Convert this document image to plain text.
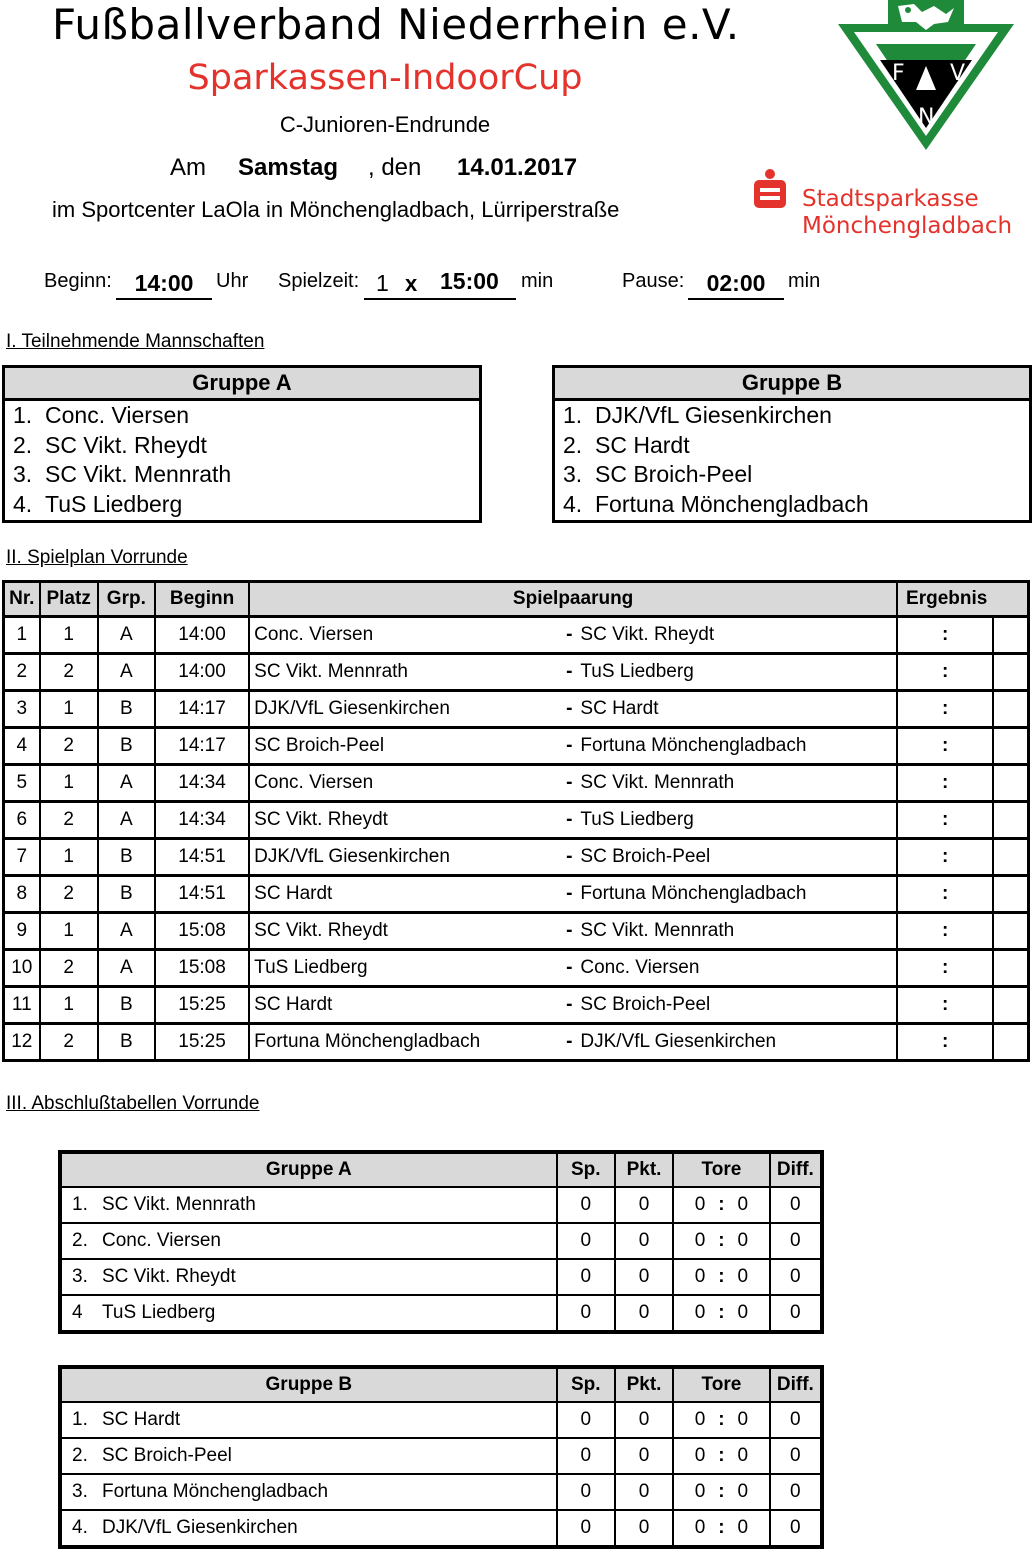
Fußballverband Niederrhein e.V.
Sparkassen-IndoorCup
C-Junioren-Endrunde
Am Samstag , den 14.01.2017
im Sportcenter LaOla in Mönchengladbach, Lürriperstraße
F V
N
Stadtsparkasse
Mönchengladbach
Beginn: 14:00	Uhr Spielzeit: 1 x 15:00 min	Pause: 02:00	min
I. Teilnehmende Mannschaften
Gruppe A
1. Conc. Viersen
2. SC Vikt. Rheydt
3. SC Vikt. Mennrath
4. TuS Liedberg
Gruppe B
1. DJK/VfL Giesenkirchen
2. SC Hardt
3. SC Broich-Peel
4. Fortuna Mönchengladbach
II. Spielplan Vorrunde
Nr.	Platz	Grp.	Beginn	Spielpaarung		Ergebnis	
1	1	A	14:00	Conc. Viersen	- SC Vikt. Rheydt	:	
2	2	A	14:00	SC Vikt. Mennrath	- TuS Liedberg	:	
3	1	B	14:17	DJK/VfL Giesenkirchen	- SC Hardt	:	
4	2	B	14:17	SC Broich-Peel	- Fortuna Mönchengladbach	:	
5	1	A	14:34	Conc. Viersen	- SC Vikt. Mennrath	:	
6	2	A	14:34	SC Vikt. Rheydt	- TuS Liedberg	:	
7	1	B	14:51	DJK/VfL Giesenkirchen	- SC Broich-Peel	:	
8	2	B	14:51	SC Hardt	- Fortuna Mönchengladbach	:	
9	1	A	15:08	SC Vikt. Rheydt	- SC Vikt. Mennrath	:	
10	2	A	15:08	TuS Liedberg	- Conc. Viersen	:	
11	1	B	15:25	SC Hardt	- SC Broich-Peel	:	
12	2	B	15:25	Fortuna Mönchengladbach	- DJK/VfL Giesenkirchen	:	
III. Abschlußtabellen Vorrunde
Gruppe A	Sp.	Pkt.	Tore			Diff.
1. SC Vikt. Mennrath	0	0	0	:	0	0
2. Conc. Viersen	0	0	0	:	0	0
3. SC Vikt. Rheydt	0	0	0	:	0	0
4 TuS Liedberg	0	0	0	:	0	0
Gruppe B	Sp.	Pkt.	Tore			Diff.
1. SC Hardt	0	0	0	:	0	0
2. SC Broich-Peel	0	0	0	:	0	0
3. Fortuna Mönchengladbach	0	0	0	:	0	0
4. DJK/VfL Giesenkirchen	0	0	0	:	0	0
